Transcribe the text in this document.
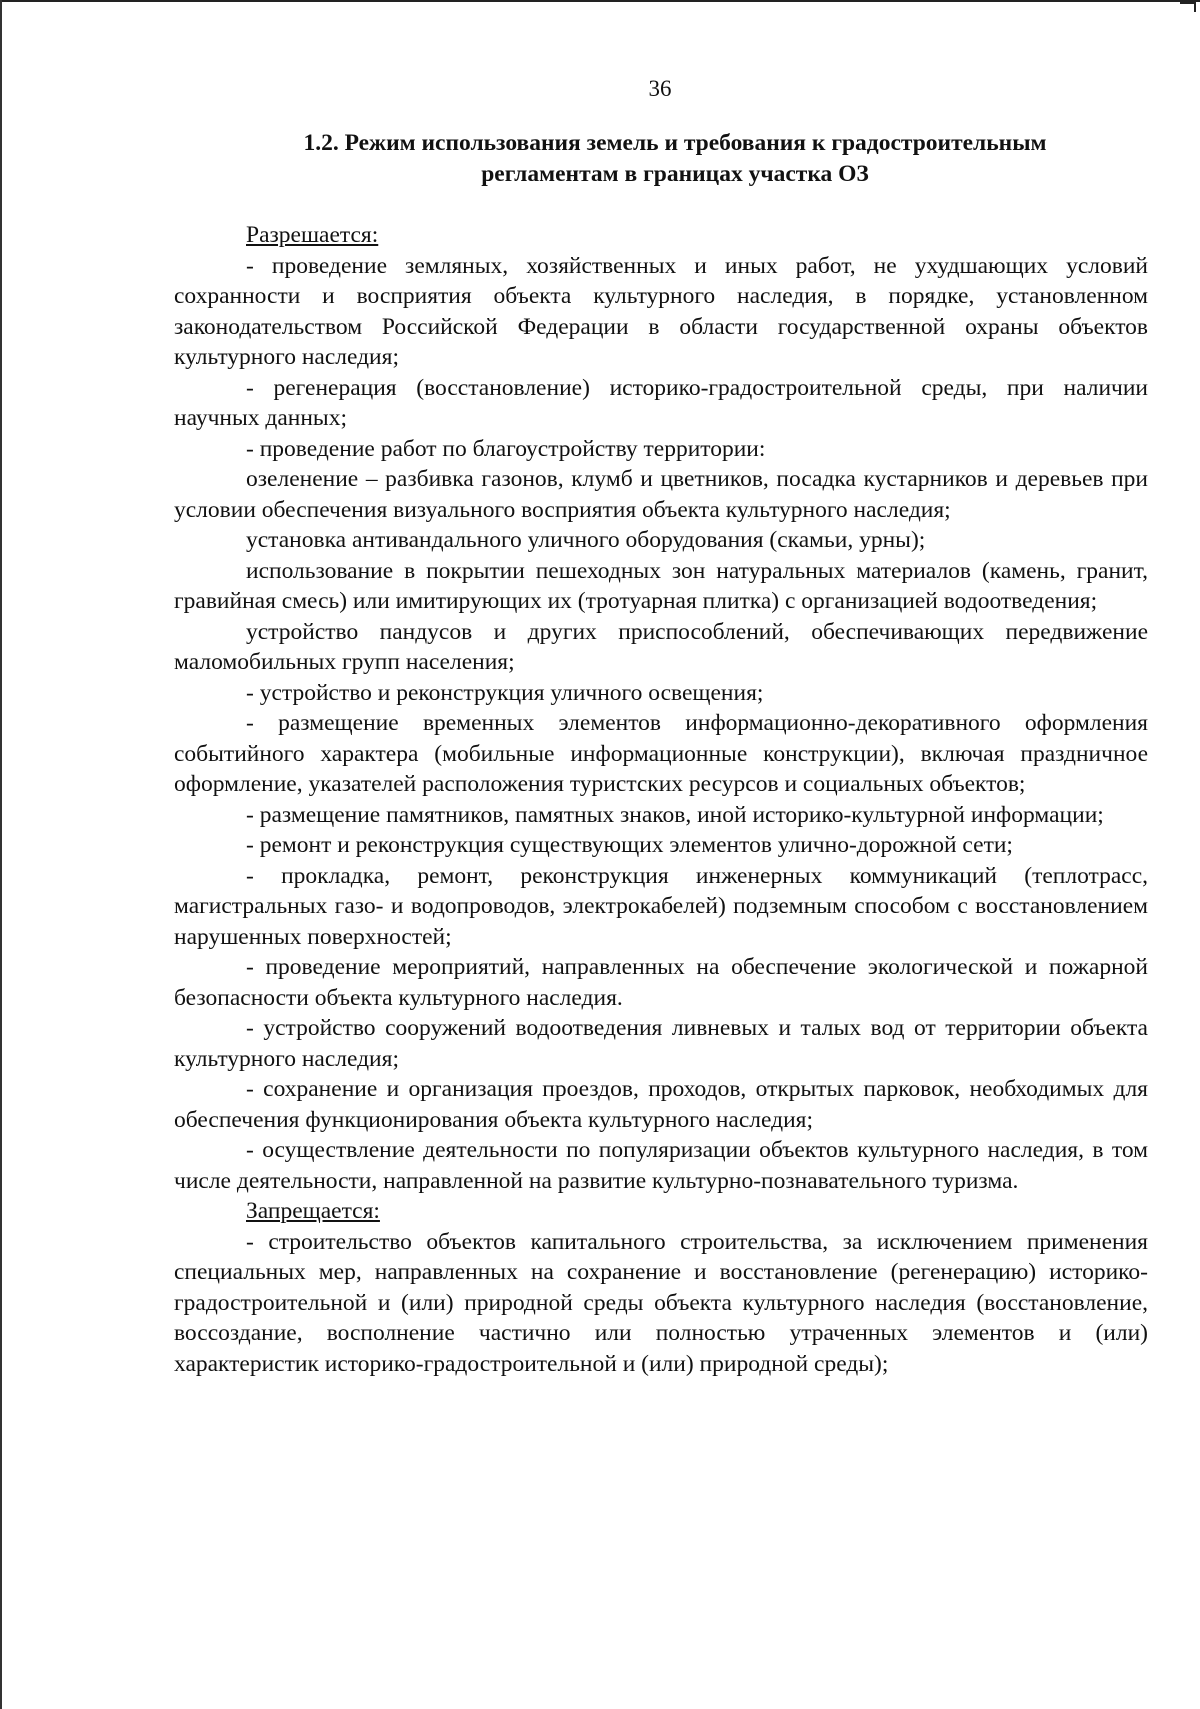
36
1.2. Режим использования земель и требования к градостроительным
регламентам в границах участка ОЗ

Разрешается:

- проведение земляных, хозяйственных и иных работ, не ухудшающих условий сохранности и восприятия объекта культурного наследия, в порядке, установленном законодательством Российской Федерации в области государственной охраны объектов культурного наследия;

- регенерация (восстановление) историко-градостроительной среды, при наличии научных данных;

- проведение работ по благоустройству территории:

озеленение – разбивка газонов, клумб и цветников, посадка кустарников и деревьев при условии обеспечения визуального восприятия объекта культурного наследия;

установка антивандального уличного оборудования (скамьи, урны);

использование в покрытии пешеходных зон натуральных материалов (камень, гранит, гравийная смесь) или имитирующих их (тротуарная плитка) с организацией водоотведения;

устройство пандусов и других приспособлений, обеспечивающих передвижение маломобильных групп населения;

- устройство и реконструкция уличного освещения;

- размещение временных элементов информационно-декоративного оформления событийного характера (мобильные информационные конструкции), включая праздничное оформление, указателей расположения туристских ресурсов и социальных объектов;

- размещение памятников, памятных знаков, иной историко-культурной информации;

- ремонт и реконструкция существующих элементов улично-дорожной сети;

- прокладка, ремонт, реконструкция инженерных коммуникаций (теплотрасс, магистральных газо- и водопроводов, электрокабелей) подземным способом с восстановлением нарушенных поверхностей;

- проведение мероприятий, направленных на обеспечение экологической и пожарной безопасности объекта культурного наследия.

- устройство сооружений водоотведения ливневых и талых вод от территории объекта культурного наследия;

- сохранение и организация проездов, проходов, открытых парковок, необходимых для обеспечения функционирования объекта культурного наследия;

- осуществление деятельности по популяризации объектов культурного наследия, в том числе деятельности, направленной на развитие культурно-познавательного туризма.

Запрещается:

- строительство объектов капитального строительства, за исключением применения специальных мер, направленных на сохранение и восстановление (регенерацию) историко-градостроительной и (или) природной среды объекта культурного наследия (восстановление, воссоздание, восполнение частично или полностью утраченных элементов и (или) характеристик историко-градостроительной и (или) природной среды);
